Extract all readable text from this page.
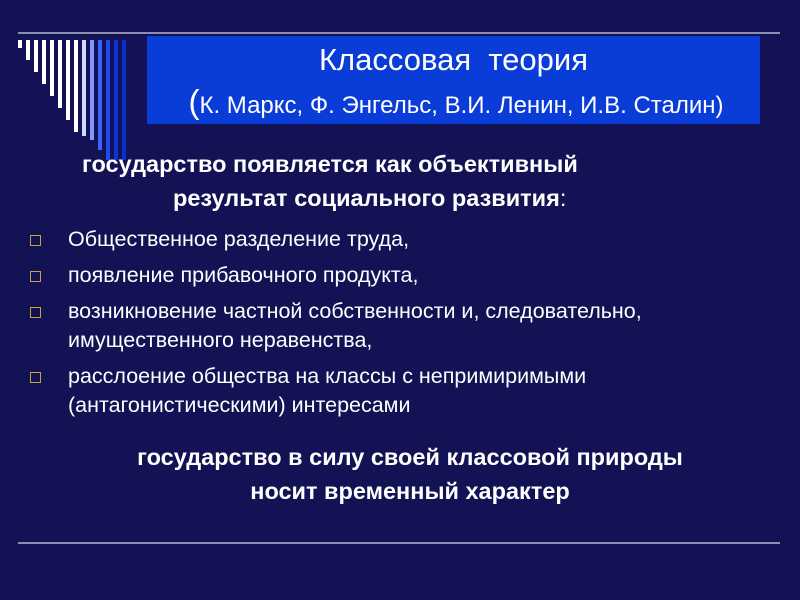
Классовая  теория
(К. Маркс, Ф. Энгельс, В.И. Ленин, И.В. Сталин)
государство появляется как объективный
результат социального развития:
Общественное разделение труда,
появление прибавочного продукта,
возникновение частной собственности и, следовательно,
имущественного неравенства,
расслоение общества на классы с непримиримыми
(антагонистическими) интересами
государство в силу своей классовой природы
носит временный характер
